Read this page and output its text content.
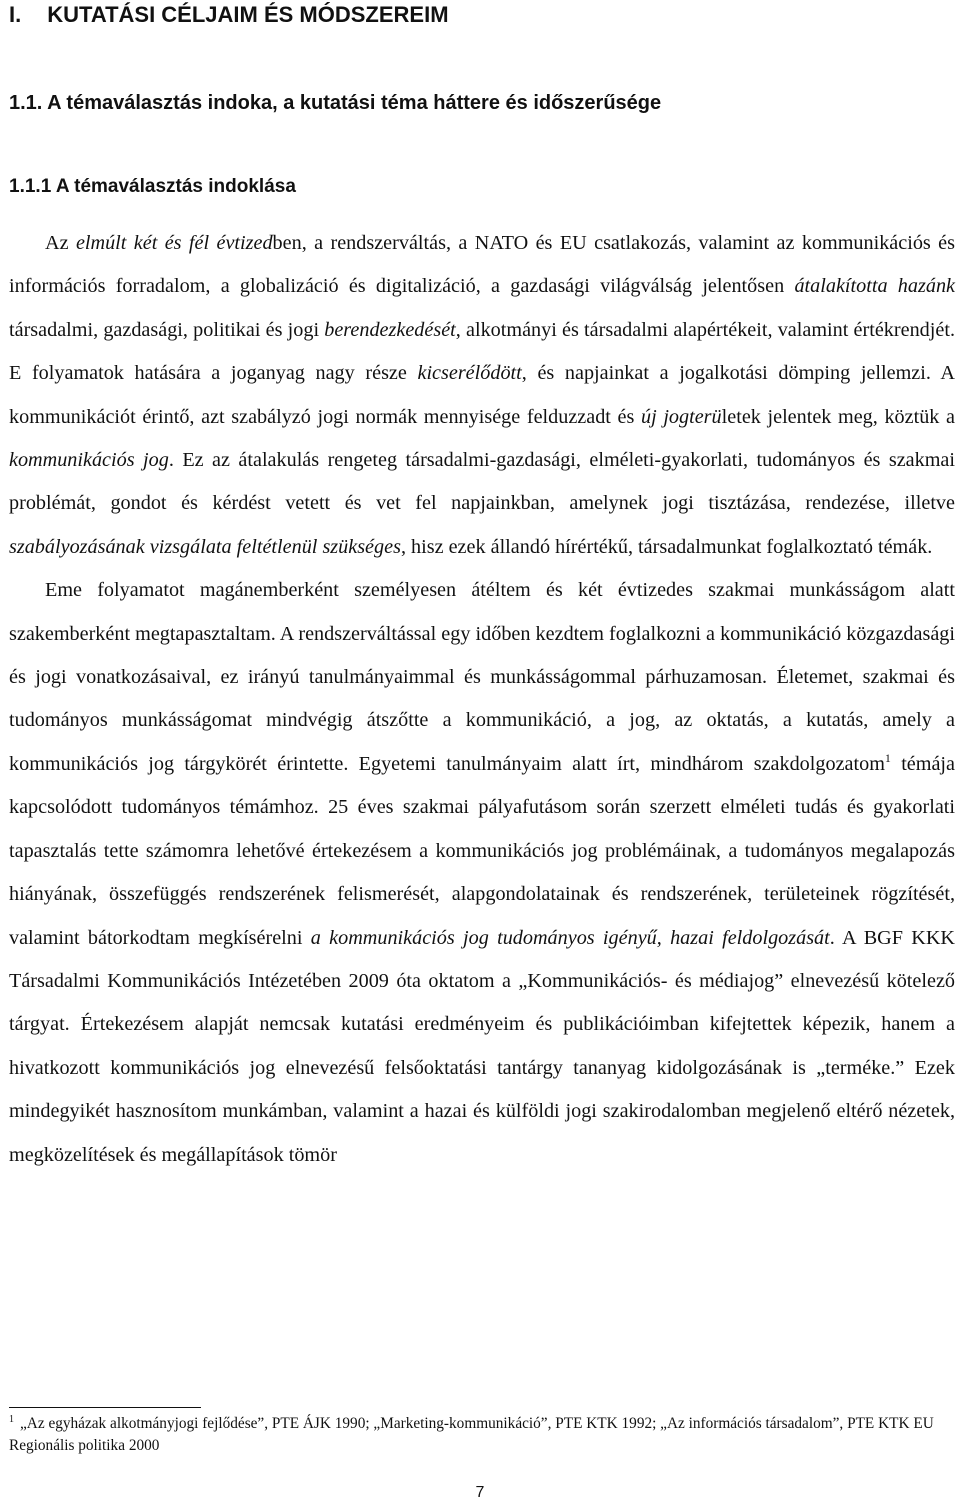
I. KUTATÁSI CÉLJAIM ÉS MÓDSZEREIM
1.1. A témaválasztás indoka, a kutatási téma háttere és időszerűsége
1.1.1 A témaválasztás indoklása

Az elmúlt két és fél évtizedben, a rendszerváltás, a NATO és EU csatlakozás, valamint az kommunikációs és információs forradalom, a globalizáció és digitalizáció, a gazdasági világválság jelentősen átalakította hazánk társadalmi, gazdasági, politikai és jogi berendezkedését, alkotmányi és társadalmi alapértékeit, valamint értékrendjét. E folyamatok hatására a joganyag nagy része kicserélődött, és napjainkat a jogalkotási dömping jellemzi. A kommunikációt érintő, azt szabályzó jogi normák mennyisége felduzzadt és új jogterületek jelentek meg, köztük a kommunikációs jog. Ez az átalakulás rengeteg társadalmi-gazdasági, elméleti-gyakorlati, tudományos és szakmai problémát, gondot és kérdést vetett és vet fel napjainkban, amelynek jogi tisztázása, rendezése, illetve szabályozásának vizsgálata feltétlenül szükséges, hisz ezek állandó hírértékű, társadalmunkat foglalkoztató témák.

Eme folyamatot magánemberként személyesen átéltem és két évtizedes szakmai munkásságom alatt szakemberként megtapasztaltam. A rendszerváltással egy időben kezdtem foglalkozni a kommunikáció közgazdasági és jogi vonatkozásaival, ez irányú tanulmányaimmal és munkásságommal párhuzamosan. Életemet, szakmai és tudományos munkásságomat mindvégig átszőtte a kommunikáció, a jog, az oktatás, a kutatás, amely a kommunikációs jog tárgykörét érintette. Egyetemi tanulmányaim alatt írt, mindhárom szakdolgozatom$^1$ témája kapcsolódott tudományos témámhoz. 25 éves szakmai pályafutásom során szerzett elméleti tudás és gyakorlati tapasztalás tette számomra lehetővé értekezésem a kommunikációs jog problémáinak, a tudományos megalapozás hiányának, összefüggés rendszerének felismerését, alapgondolatainak és rendszerének, területeinek rögzítését, valamint bátorkodtam megkísérelni a kommunikációs jog tudományos igényű, hazai feldolgozását. A BGF KKK Társadalmi Kommunikációs Intézetében 2009 óta oktatom a „Kommunikációs- és médiajog” elnevezésű kötelező tárgyat. Értekezésem alapját nemcsak kutatási eredményeim és publikációimban kifejtettek képezik, hanem a hivatkozott kommunikációs jog elnevezésű felsőoktatási tantárgy tananyag kidolgozásának is „terméke.” Ezek mindegyikét hasznosítom munkámban, valamint a hazai és külföldi jogi szakirodalomban megjelenő eltérő nézetek, megközelítések és megállapítások tömör

$^1$ „Az egyházak alkotmányjogi fejlődése”, PTE ÁJK 1990; „Marketing-kommunikáció”, PTE KTK 1992; „Az információs társadalom”, PTE KTK EU Regionális politika 2000
7
